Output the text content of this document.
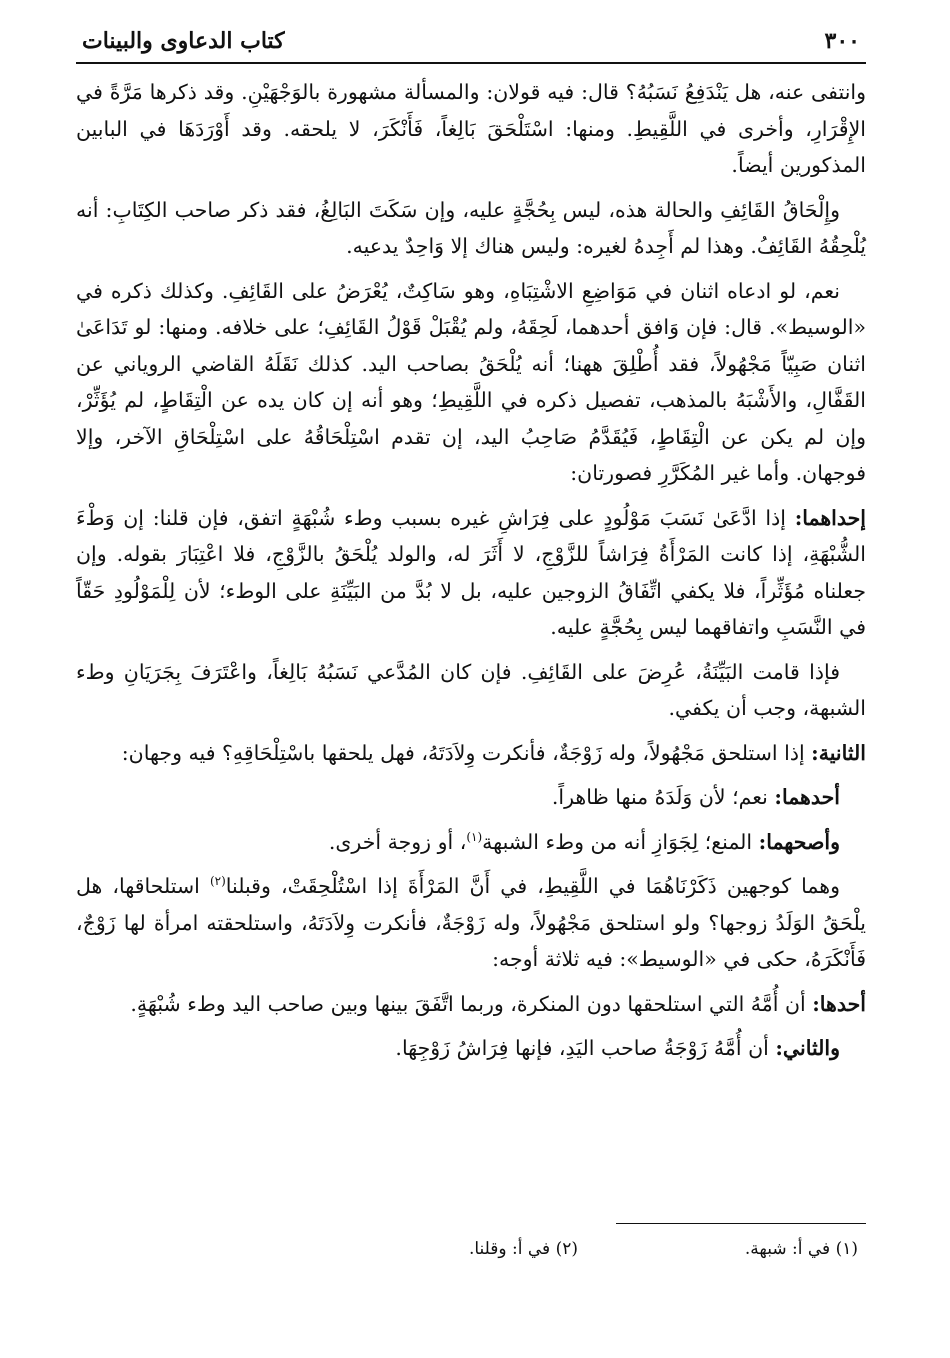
٣٠٠
كتاب الدعاوى والبينات

وانتفى عنه، هل يَنْدَفِعُ نَسَبُهُ؟ قال: فيه قولان: والمسألة مشهورة بالوَجْهَيْنِ. وقد ذكرها مَرَّةً في الإِقْرَارِ، وأخرى في اللَّقِيطِ. ومنها: اسْتَلْحَقَ بَالِغاً، فَأَنْكَرَ، لا يلحقه. وقد أَوْرَدَهَا في البابين المذكورين أيضاً.

وإِلْحَاقُ القَائِفِ والحالة هذه، ليس بِحُجَّةٍ عليه، وإن سَكَتَ البَالِغُ، فقد ذكر صاحب الكِتَابِ: أنه يُلْحِقُهُ القَائِفُ. وهذا لم أَجِدهُ لغيره: وليس هناك إلا وَاحِدٌ يدعيه.

نعم، لو ادعاه اثنان في مَوَاضِعِ الاشْتِبَاهِ، وهو سَاكِتٌ، يُعْرَضُ على القَائِفِ. وكذلك ذكره في «الوسيط». قال: فإن وَافق أحدهما، لَحِقَهُ، ولم يُقْبَلْ قَوْلُ القَائِفِ؛ على خلافه. ومنها: لو تَدَاعَىٰ اثنان صَبِيّاً مَجْهُولاً، فقد أُطْلِقَ ههنا؛ أنه يُلْحَقُ بصاحب اليد. كذلك نَقَلَهُ القاضي الروياني عن القَفَّالِ، والأَشْبَهُ بالمذهب، تفصيل ذكره في اللَّقِيطِ؛ وهو أنه إن كان يده عن الْتِقَاطٍ، لم يُؤَثِّرْ، وإن لم يكن عن الْتِقَاطٍ، فَيُقَدَّمُ صَاحِبُ اليد، إن تقدم اسْتِلْحَاقُهُ على اسْتِلْحَاقِ الآخر، وإلا فوجهان. وأما غير المُكَرَّرِ فصورتان:

إحداهما: إذا ادَّعَىٰ نَسَبَ مَوْلُودٍ على فِرَاشِ غيره بسبب وطء شُبْهَةٍ اتفق، فإن قلنا: إن وَطْءَ الشُّبْهَةِ، إذا كانت المَرْأَةُ فِرَاشاً للزَّوْجِ، لا أَثَرَ له، والولد يُلْحَقُ بالزَّوْجِ، فلا اعْتِبَارَ بقوله. وإن جعلناه مُؤَثِّراً، فلا يكفي اتِّفَاقُ الزوجين عليه، بل لا بُدَّ من البَيِّنَةِ على الوطء؛ لأن لِلْمَوْلُودِ حَقّاً في النَّسَبِ واتفاقهما ليس بِحُجَّةٍ عليه.

فإذا قامت البَيِّنَةُ، عُرِضَ على القَائِفِ. فإن كان المُدَّعي نَسَبُهُ بَالِغاً، واعْتَرَفَ بِجَرَيَانِ وطء الشبهة، وجب أن يكفي.

الثانية: إذا استلحق مَجْهُولاً، وله زَوْجَةٌ، فأنكرت وِلاَدَتَهُ، فهل يلحقها باسْتِلْحَاقِهِ؟ فيه وجهان:

أحدهما: نعم؛ لأن وَلَدَهُ منها ظاهراً.

وأصحهما: المنع؛ لِجَوَازِ أنه من وطء الشبهة$^{(١)}$، أو زوجة أخرى.

وهما كوجهين ذَكَرْنَاهُمَا في اللَّقِيطِ، في أَنَّ المَرْأَةَ إذا اسْتُلْحِقَتْ، وقبلنا$^{(٢)}$ استلحاقها، هل يلْحَقُ الوَلَدُ زوجها؟ ولو استلحق مَجْهُولاً، وله زَوْجَةٌ، فأنكرت وِلاَدَتَهُ، واستلحقته امرأة لها زَوْجٌ، فَأَنْكَرَهُ، حكى في «الوسيط»: فيه ثلاثة أوجه:

أحدها: أن أُمَّهُ التي استلحقها دون المنكرة، وربما اتَّفَقَ بينها وبين صاحب اليد وطء شُبْهَةٍ.

والثاني: أن أُمَّهُ زَوْجَةُ صاحب اليَدِ، فإنها فِرَاشُ زَوْجِهَا.

(١) في أ: شبهة.
(٢) في أ: وقلنا.
